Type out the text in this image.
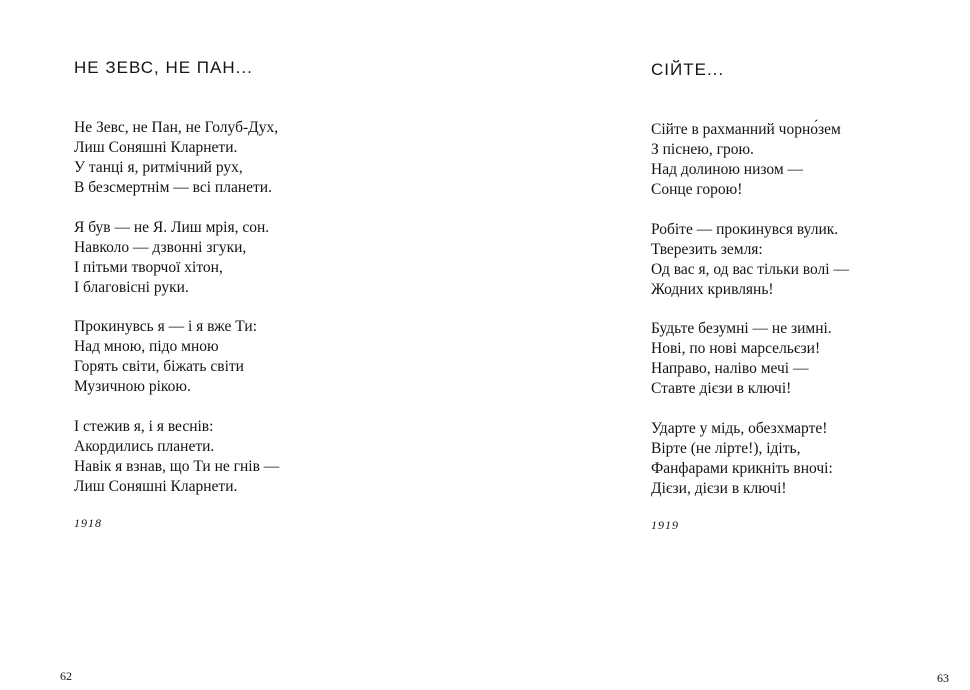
НЕ ЗЕВС, НЕ ПАН...

Не Зевс, не Пан, не Голуб-Дух,
Лиш Соняшні Кларнети.
У танці я, ритмічний рух,
В безсмертнім — всі планети.

Я був — не Я. Лиш мрія, сон.
Навколо — дзвонні згуки,
І пітьми творчої хітон,
І благовісні руки.

Прокинувсь я — і я вже Ти:
Над мною, підо мною
Горять світи, біжать світи
Музичною рікою.

І стежив я, і я веснів:
Акордились планети.
Навік я взнав, що Ти не гнів —
Лиш Соняшні Кларнети.

1918
62
СІЙТЕ...

Сійте в рахманний чорно́зем
З піснею, грою.
Над долиною низом —
Сонце горою!

Робіте — прокинувся вулик.
Тверезить земля:
Од вас я, од вас тільки волі —
Жодних кривлянь!

Будьте безумні — не зимні.
Нові, по нові марсельєзи!
Направо, наліво мечі —
Ставте дієзи в ключі!

Ударте у мідь, обезхмарте!
Вірте (не лірте!), ідіть,
Фанфарами крикніть вночі:
Дієзи, дієзи в ключі!

1919
63
